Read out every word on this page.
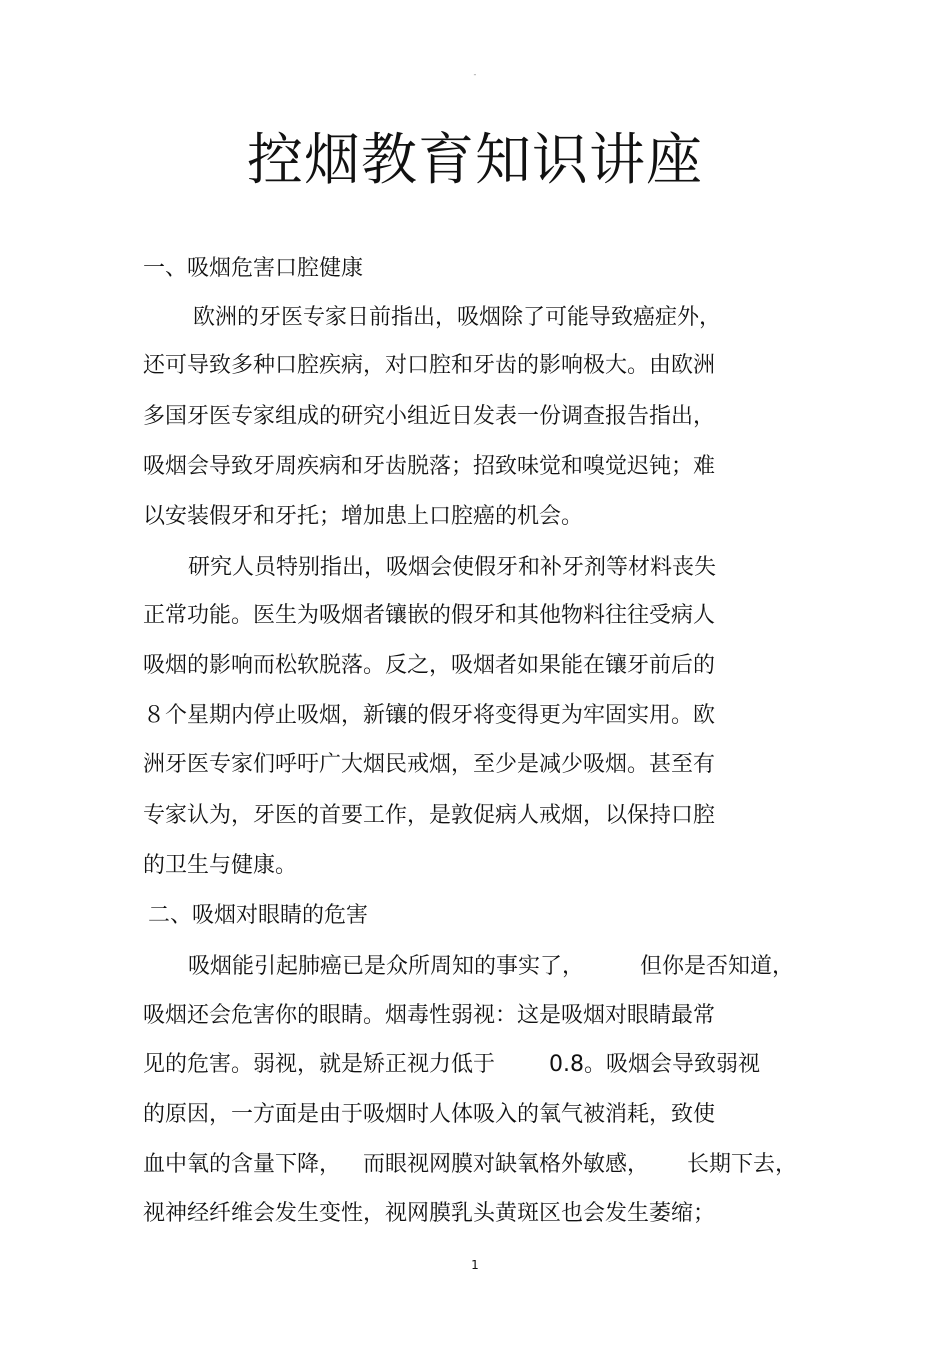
-
控烟教育知识讲座
一、吸烟危害口腔健康
欧洲的牙医专家日前指出，吸烟除了可能导致癌症外，
还可导致多种口腔疾病，对口腔和牙齿的影响极大。由欧洲
多国牙医专家组成的研究小组近日发表一份调查报告指出，
吸烟会导致牙周疾病和牙齿脱落；招致味觉和嗅觉迟钝；难
以安装假牙和牙托；增加患上口腔癌的机会。
研究人员特别指出，吸烟会使假牙和补牙剂等材料丧失
正常功能。医生为吸烟者镶嵌的假牙和其他物料往往受病人
吸烟的影响而松软脱落。反之，吸烟者如果能在镶牙前后的
８个星期内停止吸烟，新镶的假牙将变得更为牢固实用。欧
洲牙医专家们呼吁广大烟民戒烟，至少是减少吸烟。甚至有
专家认为，牙医的首要工作，是敦促病人戒烟，以保持口腔
的卫生与健康。
二、吸烟对眼睛的危害
吸烟能引起肺癌已是众所周知的事实了，	但你是否知道，
吸烟还会危害你的眼睛。烟毒性弱视：这是吸烟对眼睛最常
见的危害。弱视，就是矫正视力低于 0.8。吸烟会导致弱视
的原因，一方面是由于吸烟时人体吸入的氧气被消耗，致使
血中氧的含量下降， 而眼视网膜对缺氧格外敏感， 长期下去，
视神经纤维会发生变性，视网膜乳头黄斑区也会发生萎缩；
1
